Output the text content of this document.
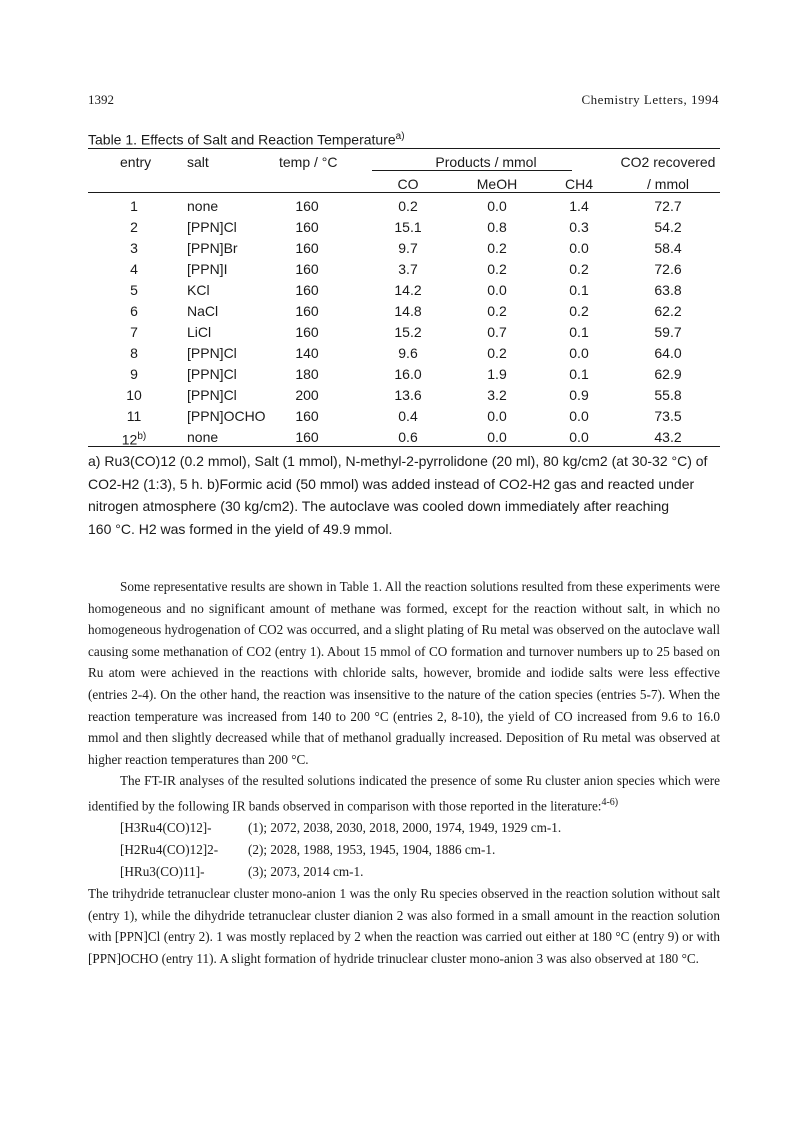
1392	Chemistry Letters, 1994
Table 1. Effects of Salt and Reaction Temperature$^{a)}$
entry	salt	temp / °C	Products / mmol	CO2 recovered
CO	MeOH	CH4	/ mmol
1	none	160	0.2	0.0	1.4	72.7
2	[PPN]Cl	160	15.1	0.8	0.3	54.2
3	[PPN]Br	160	9.7	0.2	0.0	58.4
4	[PPN]I	160	3.7	0.2	0.2	72.6
5	KCl	160	14.2	0.0	0.1	63.8
6	NaCl	160	14.8	0.2	0.2	62.2
7	LiCl	160	15.2	0.7	0.1	59.7
8	[PPN]Cl	140	9.6	0.2	0.0	64.0
9	[PPN]Cl	180	16.0	1.9	0.1	62.9
10	[PPN]Cl	200	13.6	3.2	0.9	55.8
11	[PPN]OCHO 160	0.4	0.0	0.0	73.5
12$^{b)}$	none	160	0.6	0.0	0.0	43.2

a) Ru3(CO)12 (0.2 mmol), Salt (1 mmol), N-methyl-2-pyrrolidone (20 ml), 80 kg/cm2 (at 30-32 °C) of

CO2-H2 (1:3), 5 h. b)Formic acid (50 mmol) was added instead of CO2-H2 gas and reacted under

nitrogen atmosphere (30 kg/cm2). The autoclave was cooled down immediately after reaching

160 °C. H2 was formed in the yield of 49.9 mmol.

Some representative results are shown in Table 1. All the reaction solutions resulted from these experiments were homogeneous and no significant amount of methane was formed, except for the reaction without salt, in which no homogeneous hydrogenation of CO2 was occurred, and a slight plating of Ru metal was observed on the autoclave wall causing some methanation of CO2 (entry 1). About 15 mmol of CO formation and turnover numbers up to 25 based on Ru atom were achieved in the reactions with chloride salts, however, bromide and iodide salts were less effective (entries 2-4). On the other hand, the reaction was insensitive to the nature of the cation species (entries 5-7). When the reaction temperature was increased from 140 to 200 °C (entries 2, 8-10), the yield of CO increased from 9.6 to 16.0 mmol and then slightly decreased while that of methanol gradually increased. Deposition of Ru metal was observed at higher reaction temperatures than 200 °C.

The FT-IR analyses of the resulted solutions indicated the presence of some Ru cluster anion species which were identified by the following IR bands observed in comparison with those reported in the literature:$^{4-6)}$

[H3Ru4(CO)12]-	(1); 2072, 2038, 2030, 2018, 2000, 1974, 1949, 1929 cm-1.
[H2Ru4(CO)12]2- (2); 2028, 1988, 1953, 1945, 1904, 1886 cm-1.
[HRu3(CO)11]-	(3); 2073, 2014 cm-1.

The trihydride tetranuclear cluster mono-anion 1 was the only Ru species observed in the reaction solution without salt (entry 1), while the dihydride tetranuclear cluster dianion 2 was also formed in a small amount in the reaction solution with [PPN]Cl (entry 2). 1 was mostly replaced by 2 when the reaction was carried out either at 180 °C (entry 9) or with [PPN]OCHO (entry 11). A slight formation of hydride trinuclear cluster mono-anion 3 was also observed at 180 °C.
